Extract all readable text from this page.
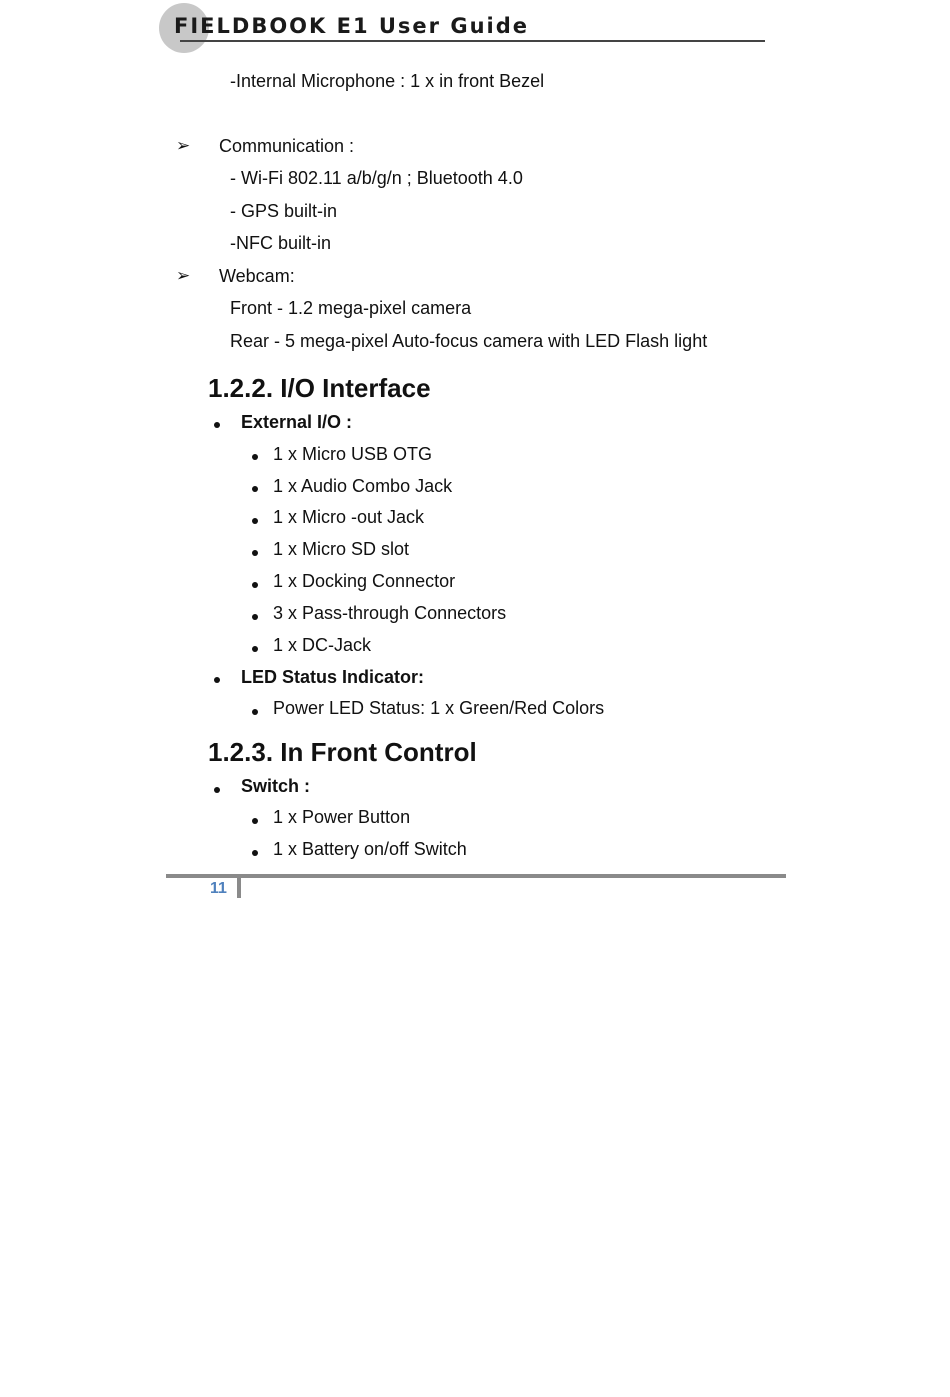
FIELDBOOK E1 User Guide
-Internal Microphone : 1 x in front Bezel
➢ Communication :
- Wi-Fi 802.11 a/b/g/n ; Bluetooth 4.0
- GPS built-in
-NFC built-in
➢ Webcam:
Front - 1.2 mega-pixel camera
Rear - 5 mega-pixel Auto-focus camera with LED Flash light
1.2.2. I/O Interface
External I/O :
1 x Micro USB OTG
1 x Audio Combo Jack
1 x Micro -out Jack
1 x Micro SD slot
1 x Docking Connector
3 x Pass-through Connectors
1 x DC-Jack
LED Status Indicator:
Power LED Status: 1 x Green/Red Colors
1.2.3. In Front Control
Switch :
1 x Power Button
1 x Battery on/off Switch
11
